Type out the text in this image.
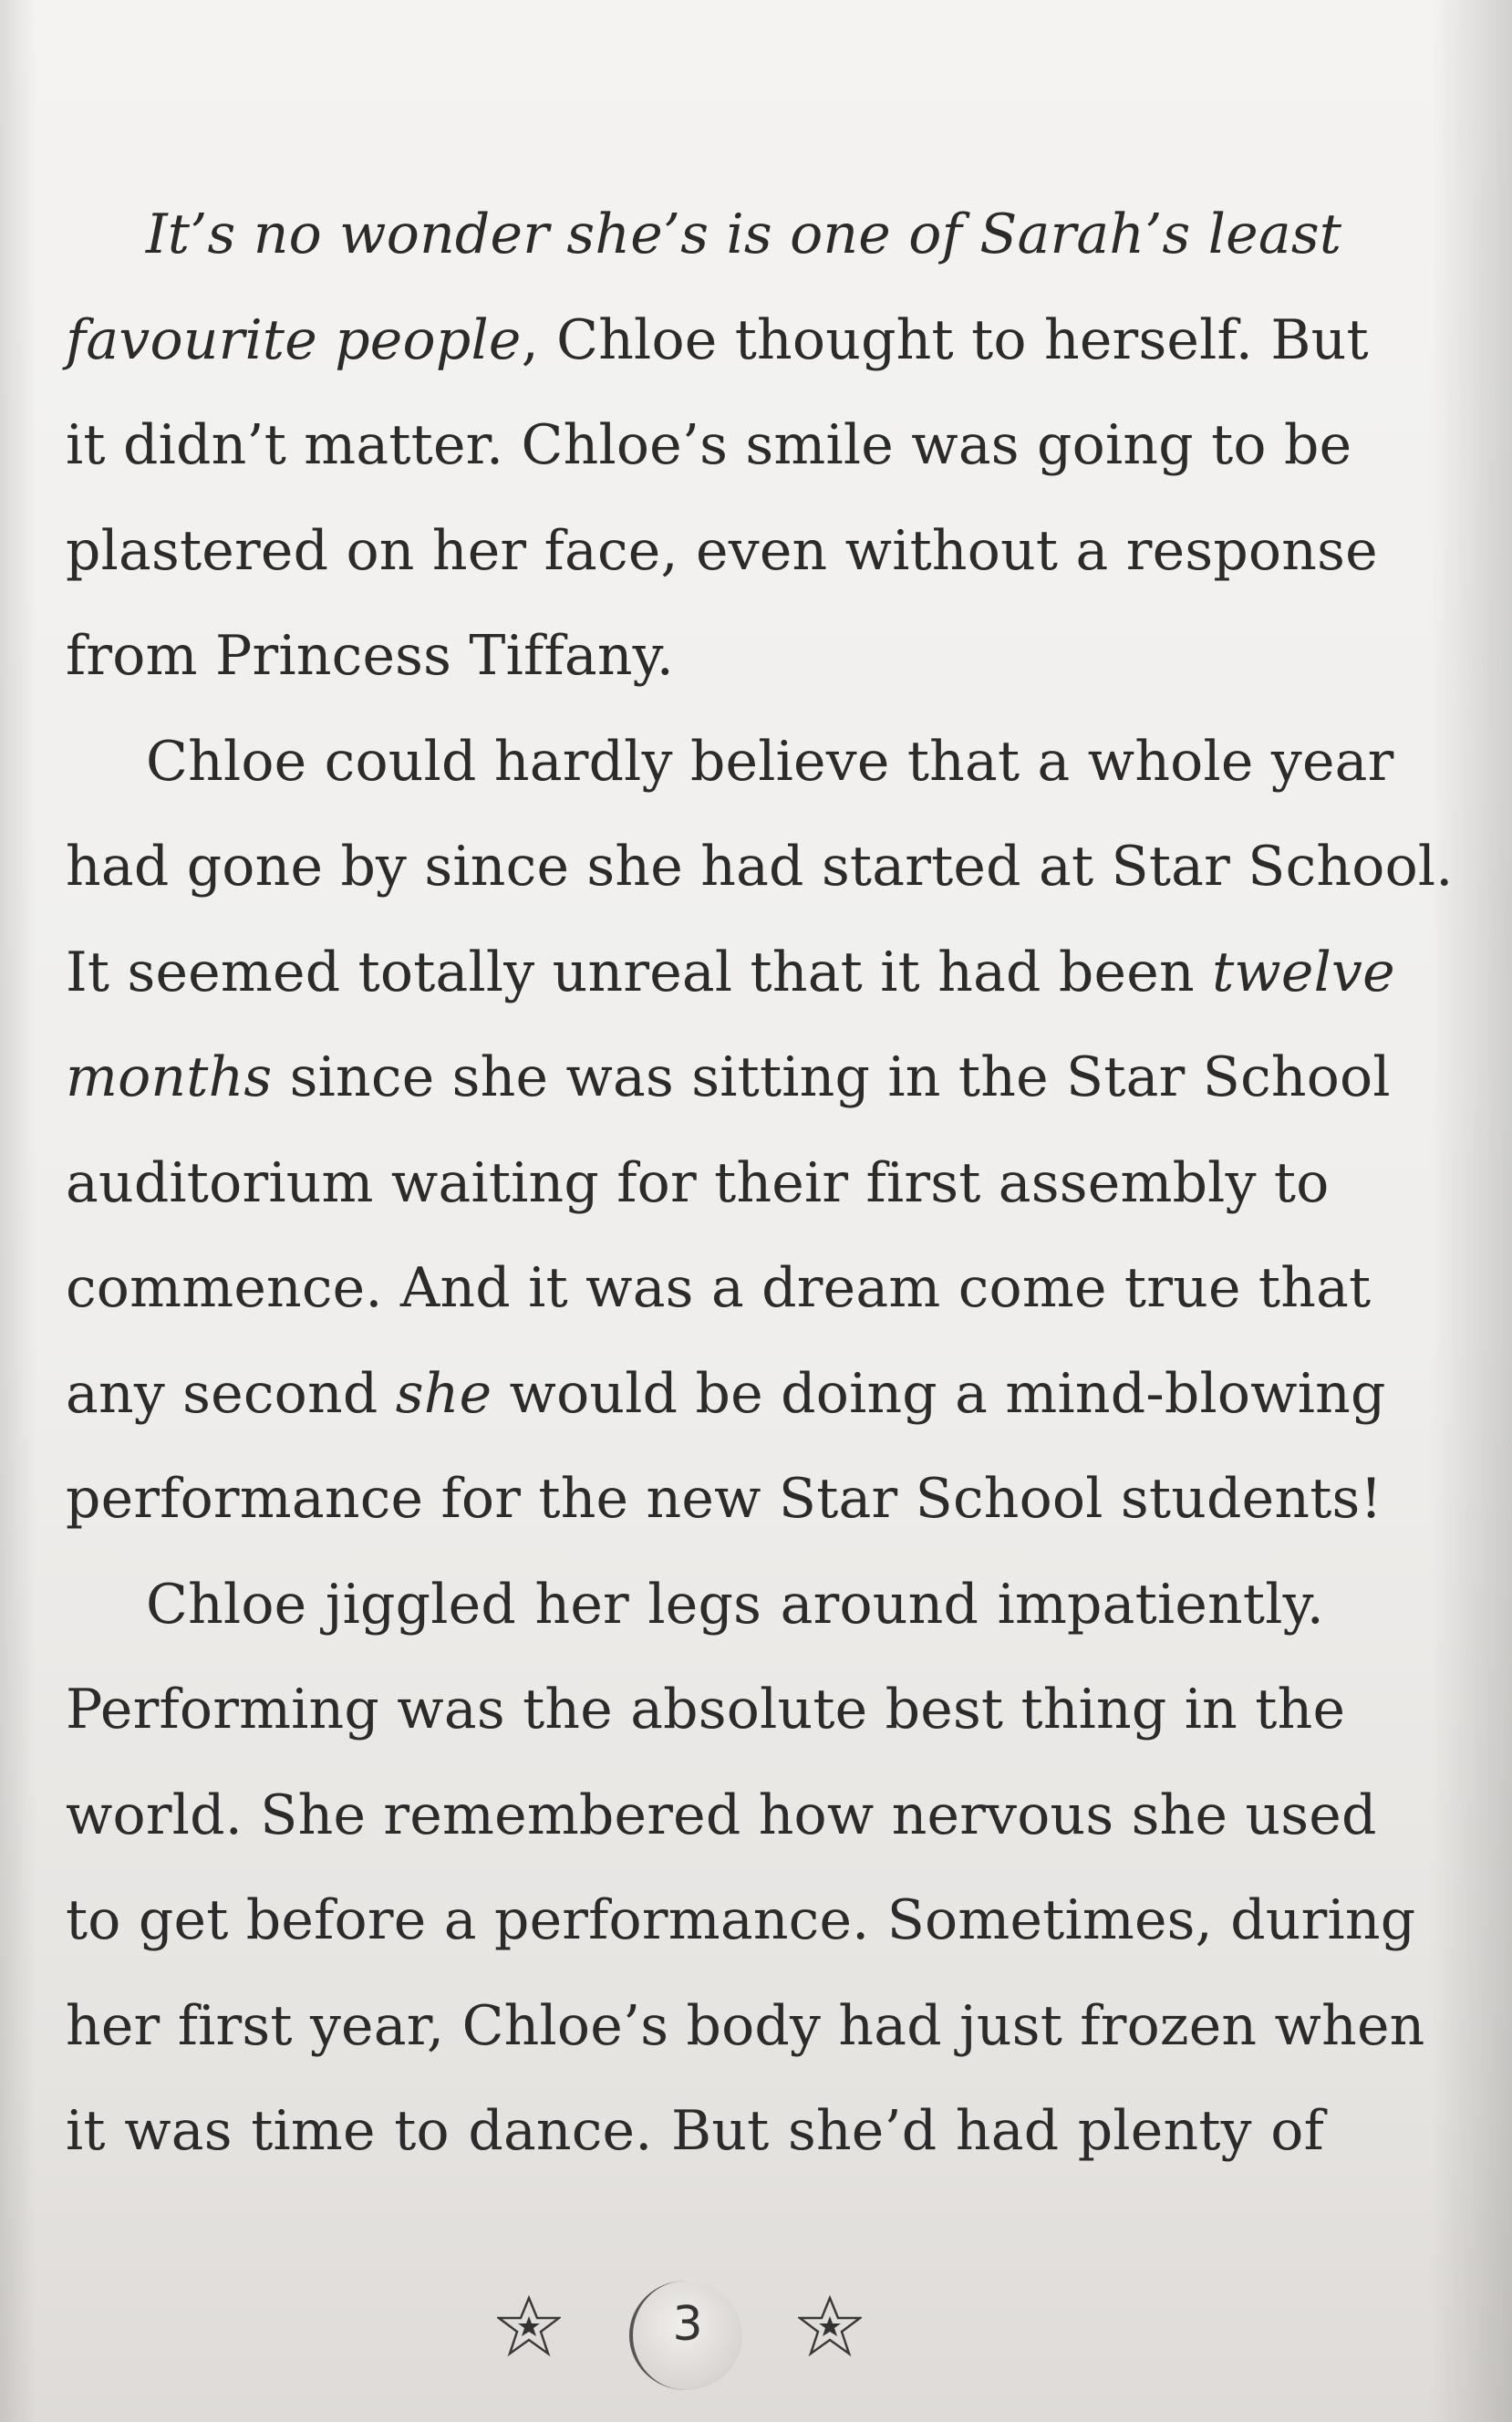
It’s no wonder she’s is one of Sarah’s least
favourite people, Chloe thought to herself. But
it didn’t matter. Chloe’s smile was going to be
plastered on her face, even without a response
from Princess Tiffany.
Chloe could hardly believe that a whole year
had gone by since she had started at Star School.
It seemed totally unreal that it had been twelve
months since she was sitting in the Star School
auditorium waiting for their first assembly to
commence. And it was a dream come true that
any second she would be doing a mind-blowing
performance for the new Star School students!
Chloe jiggled her legs around impatiently.
Performing was the absolute best thing in the
world. She remembered how nervous she used
to get before a performance. Sometimes, during
her first year, Chloe’s body had just frozen when
it was time to dance. But she’d had plenty of
3
